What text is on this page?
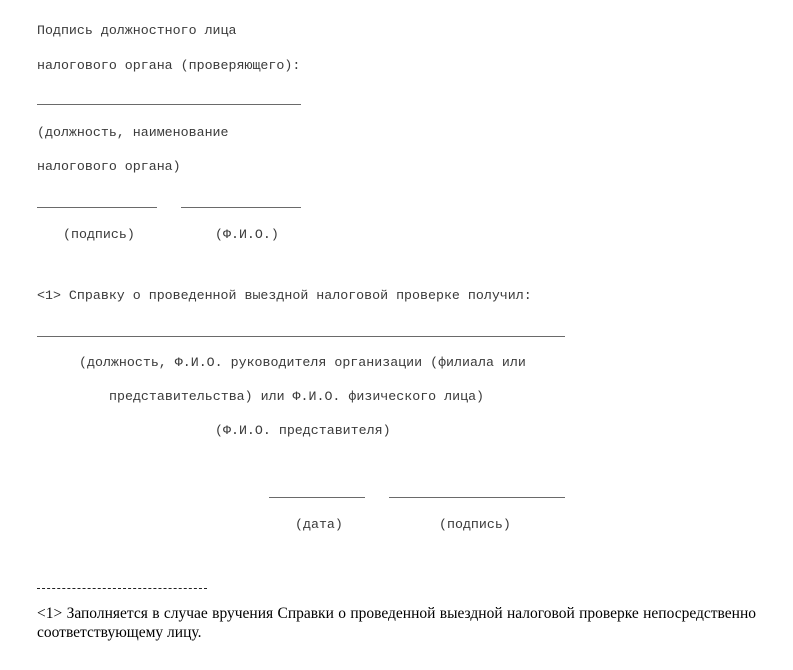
Подпись должностного лица
налогового органа (проверяющего):
(должность, наименование
налогового органа)
(подпись)	(Ф.И.О.)
<1> Справку о проведенной выездной налоговой проверке получил:
(должность, Ф.И.О. руководителя организации (филиала или
представительства) или Ф.И.О. физического лица)
(Ф.И.О. представителя)
(дата)	(подпись)
<1> Заполняется в случае вручения Справки о проведенной выездной налоговой проверке непосредственно соответствующему лицу.
